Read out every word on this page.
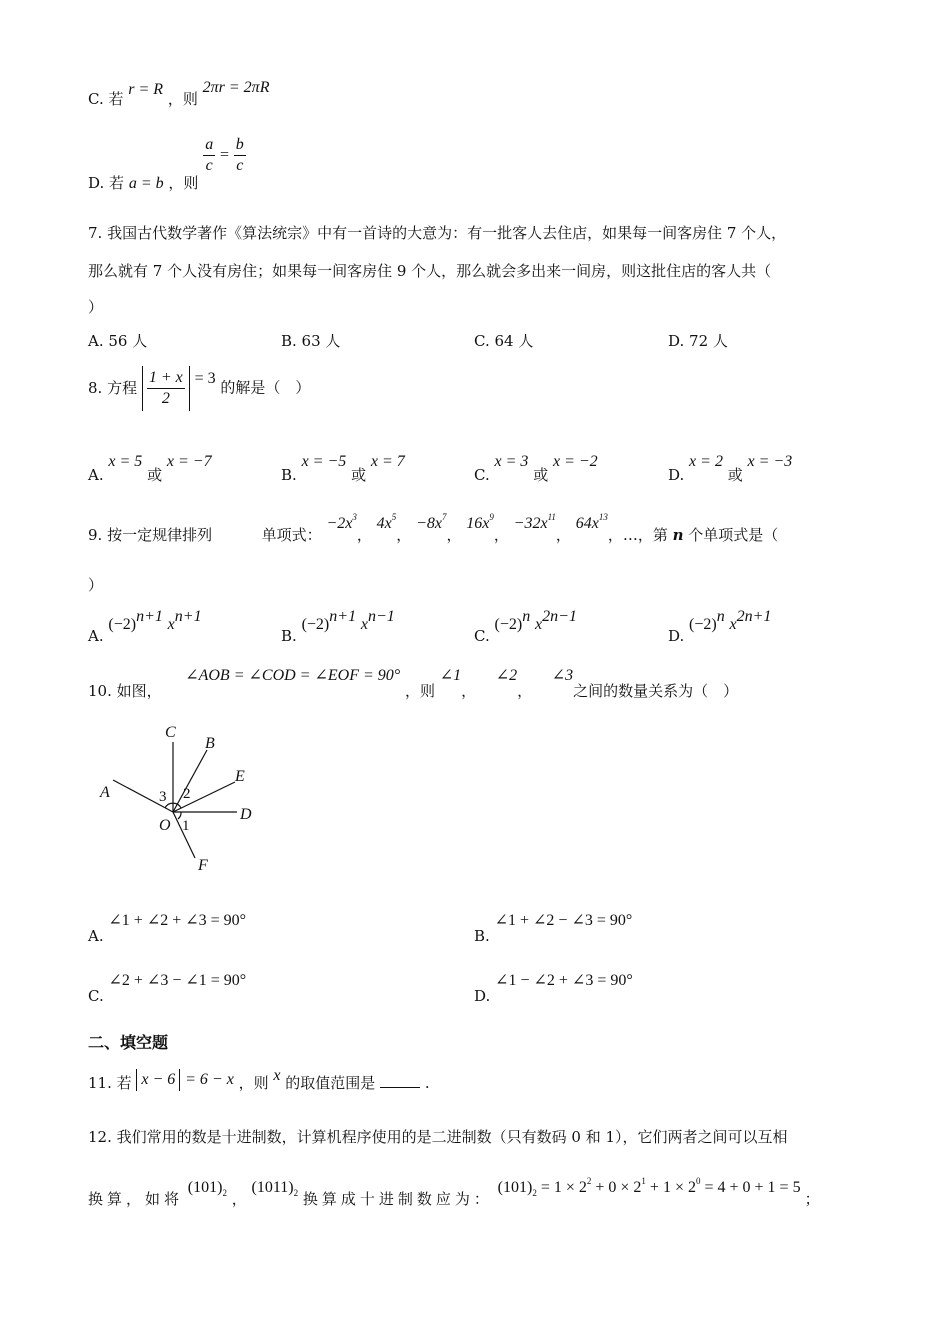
C. 若 r = R ，则 2πr = 2πR
D. 若 a = b ，则
$\frac{a}{c} = \frac{b}{c}$
7. 我国古代数学著作《算法统宗》中有一首诗的大意为：有一批客人去住店，如果每一间客房住 7 个人，
那么就有 7 个人没有房住；如果每一间客房住 9 个人，那么就会多出来一间房，则这批住店的客人共（
）
A. 56 人	B. 63 人	C. 64 人	D. 72 人
8. 方程 $\frac{1 + x}{2} = 3$ 的解是（　）
A. x = 5 或 x = −7
B. x = −5 或 x = 7
C. x = 3 或 x = −2
D. x = 2 或 x = −3
9. 按一定规律排列	单项式： $-2x^3$， $4x^5$， $-8x^7$， $16x^9$， $-32x^{11}$， $64x^{13}$，…，第 n 个单项式是（
）
A. $(-2)^{n+1}$ $x^{n+1}$
B. $(-2)^{n+1}$ $x^{n-1}$
C. $(-2)^n$ $x^{2n-1}$
D. $(-2)^n$ $x^{2n+1}$
10. 如图，  ∠AOB = ∠COD = ∠EOF = 90° ，则 ∠1，  ∠2，  ∠3之间的数量关系为（　）
C
B
E
A
D
O
F
3 2
1
A. ∠1 + ∠2 + ∠3 = 90°
B. ∠1 + ∠2 − ∠3 = 90°
C. ∠2 + ∠3 − ∠1 = 90°
D. ∠1 − ∠2 + ∠3 = 90°
二、填空题
11. 若 x − 6 = 6 − x ，则 x 的取值范围是	.
12. 我们常用的数是十进制数，计算机程序使用的是二进制数（只有数码 0 和 1），它们两者之间可以互相
换算，如将 $(101)_2$ ， $(1011)_2$ 换算成十进制数应为： $(101)_2 = 1 \times 2^2 + 0 \times 2^1 + 1 \times 2^0 = 4 + 0 + 1 = 5$ ；
